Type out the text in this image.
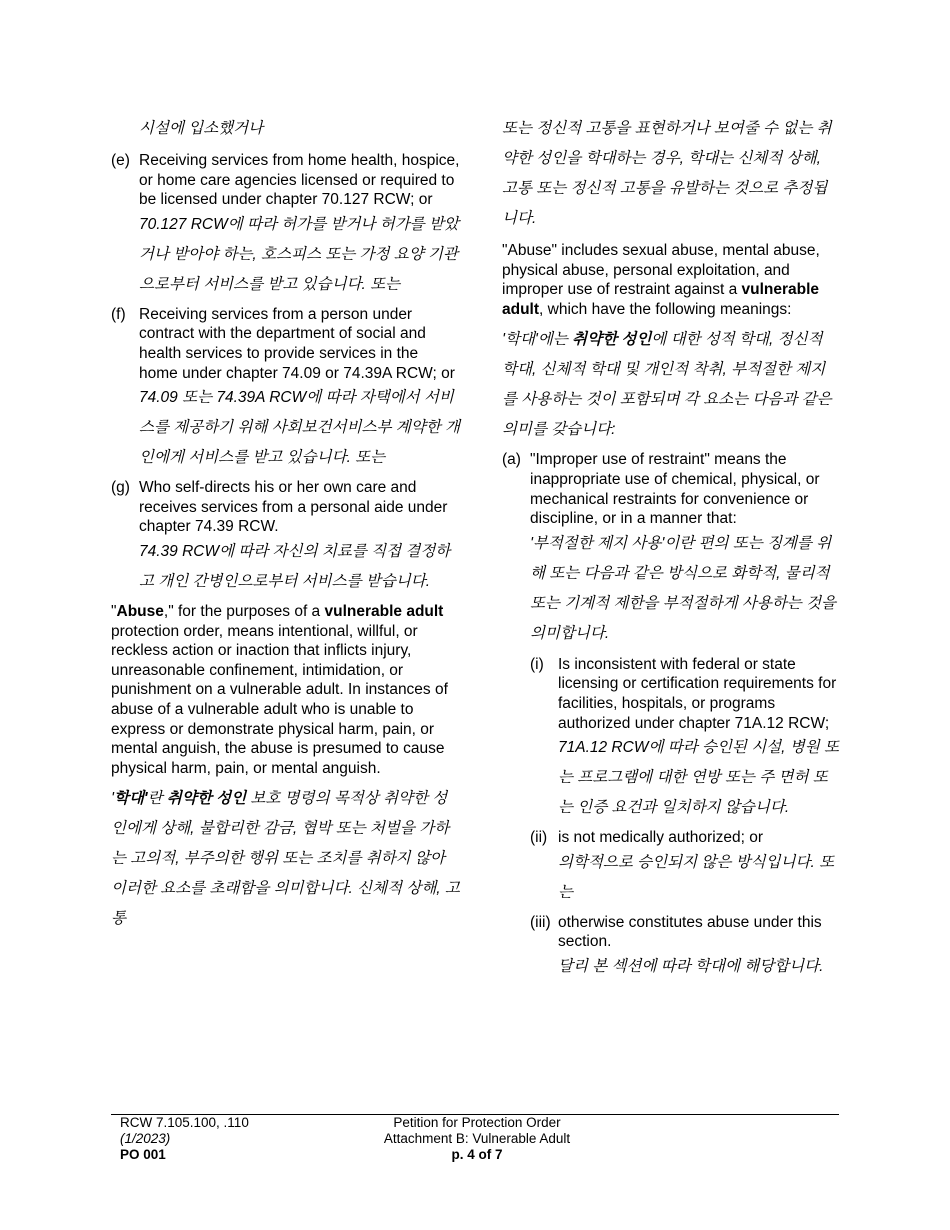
시설에 입소했거나
(e) Receiving services from home health, hospice, or home care agencies licensed or required to be licensed under chapter 70.127 RCW; or
70.127 RCW에 따라 허가를 받거나 허가를 받았거나 받아야 하는, 호스피스 또는 가정 요양 기관으로부터 서비스를 받고 있습니다. 또는
(f) Receiving services from a person under contract with the department of social and health services to provide services in the home under chapter 74.09 or 74.39A RCW; or
74.09 또는 74.39A RCW에 따라 자택에서 서비스를 제공하기 위해 사회보건서비스부 계약한 개인에게 서비스를 받고 있습니다. 또는
(g) Who self-directs his or her own care and receives services from a personal aide under chapter 74.39 RCW.
74.39 RCW에 따라 자신의 치료를 직접 결정하고 개인 간병인으로부터 서비스를 받습니다.

"Abuse," for the purposes of a vulnerable adult protection order, means intentional, willful, or reckless action or inaction that inflicts injury, unreasonable confinement, intimidation, or punishment on a vulnerable adult. In instances of abuse of a vulnerable adult who is unable to express or demonstrate physical harm, pain, or mental anguish, the abuse is presumed to cause physical harm, pain, or mental anguish.

'학대'란 취약한 성인 보호 명령의 목적상 취약한 성인에게 상해, 불합리한 감금, 협박 또는 처벌을 가하는 고의적, 부주의한 행위 또는 조치를 취하지 않아 이러한 요소를 초래함을 의미합니다. 신체적 상해, 고통

또는 정신적 고통을 표현하거나 보여줄 수 없는 취약한 성인을 학대하는 경우, 학대는 신체적 상해, 고통 또는 정신적 고통을 유발하는 것으로 추정됩니다.

"Abuse" includes sexual abuse, mental abuse, physical abuse, personal exploitation, and improper use of restraint against a vulnerable adult, which have the following meanings:

'학대'에는 취약한 성인에 대한 성적 학대, 정신적 학대, 신체적 학대 및 개인적 착취, 부적절한 제지를 사용하는 것이 포함되며 각 요소는 다음과 같은 의미를 갖습니다:

(a) "Improper use of restraint" means the inappropriate use of chemical, physical, or mechanical restraints for convenience or discipline, or in a manner that:
'부적절한 제지 사용'이란 편의 또는 징계를 위해 또는 다음과 같은 방식으로 화학적, 물리적 또는 기계적 제한을 부적절하게 사용하는 것을 의미합니다.
(i) Is inconsistent with federal or state licensing or certification requirements for facilities, hospitals, or programs authorized under chapter 71A.12 RCW;
71A.12 RCW에 따라 승인된 시설, 병원 또는 프로그램에 대한 연방 또는 주 면허 또는 인증 요건과 일치하지 않습니다.
(ii) is not medically authorized; or
의학적으로 승인되지 않은 방식입니다. 또는
(iii) otherwise constitutes abuse under this section.
달리 본 섹션에 따라 학대에 해당합니다.
RCW 7.105.100, .110
(1/2023)
PO 001
Petition for Protection Order
Attachment B: Vulnerable Adult
p. 4 of 7
